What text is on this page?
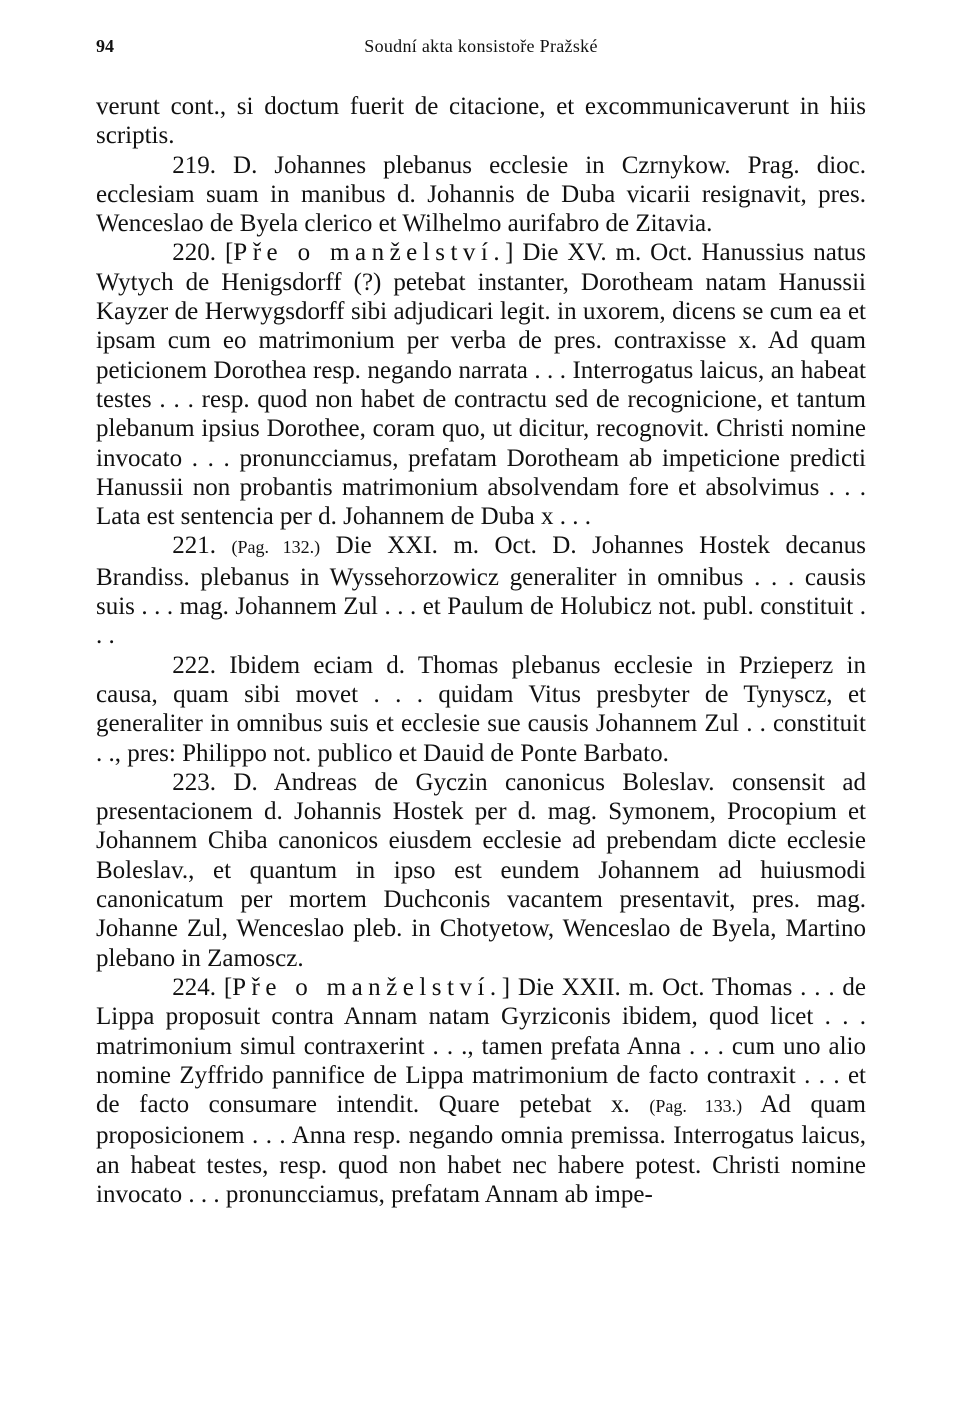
94	Soudní akta konsistoře Pražské

verunt cont., si doctum fuerit de citacione, et excommunicaverunt in hiis scriptis.

219. D. Johannes plebanus ecclesie in Czrnykow. Prag. dioc. ecclesiam suam in manibus d. Johannis de Duba vicarii resignavit, pres. Wenceslao de Byela clerico et Wilhelmo aurifabro de Zitavia.

220. [Pře o manželství.] Die XV. m. Oct. Hanussius natus Wytych de Henigsdorff (?) petebat instanter, Dorotheam natam Hanussii Kayzer de Herwygsdorff sibi adjudicari legit. in uxorem, dicens se cum ea et ipsam cum eo matrimonium per verba de pres. contraxisse x. Ad quam peticionem Dorothea resp. negando narrata . . . Interrogatus laicus, an habeat testes . . . resp. quod non habet de contractu sed de recognicione, et tantum plebanum ipsius Dorothee, coram quo, ut dicitur, recognovit. Christi nomine invocato . . . pronuncciamus, prefatam Dorotheam ab impeticione predicti Hanussii non probantis matrimonium absolvendam fore et absolvimus . . . Lata est sentencia per d. Johannem de Duba x . . .

221. (Pag. 132.) Die XXI. m. Oct. D. Johannes Hostek decanus Brandiss. plebanus in Wyssehorzowicz generaliter in omnibus . . . causis suis . . . mag. Johannem Zul . . . et Paulum de Holubicz not. publ. constituit . . .

222. Ibidem eciam d. Thomas plebanus ecclesie in Przieperz in causa, quam sibi movet . . . quidam Vitus presbyter de Tynyscz, et generaliter in omnibus suis et ecclesie sue causis Johannem Zul . . constituit . ., pres: Philippo not. publico et Dauid de Ponte Barbato.

223. D. Andreas de Gyczin canonicus Boleslav. consensit ad presentacionem d. Johannis Hostek per d. mag. Symonem, Procopium et Johannem Chiba canonicos eiusdem ecclesie ad prebendam dicte ecclesie Boleslav., et quantum in ipso est eundem Johannem ad huiusmodi canonicatum per mortem Duchconis vacantem presentavit, pres. mag. Johanne Zul, Wenceslao pleb. in Chotyetow, Wenceslao de Byela, Martino plebano in Zamoscz.

224. [Pře o manželství.] Die XXII. m. Oct. Thomas . . . de Lippa proposuit contra Annam natam Gyrziconis ibidem, quod licet . . . matrimonium simul contraxerint . . ., tamen prefata Anna . . . cum uno alio nomine Zyffrido pannifice de Lippa matrimonium de facto contraxit . . . et de facto consumare intendit. Quare petebat x. (Pag. 133.) Ad quam proposicionem . . . Anna resp. negando omnia premissa. Interrogatus laicus, an habeat testes, resp. quod non habet nec habere potest. Christi nomine invocato . . . pronuncciamus, prefatam Annam ab impe-
